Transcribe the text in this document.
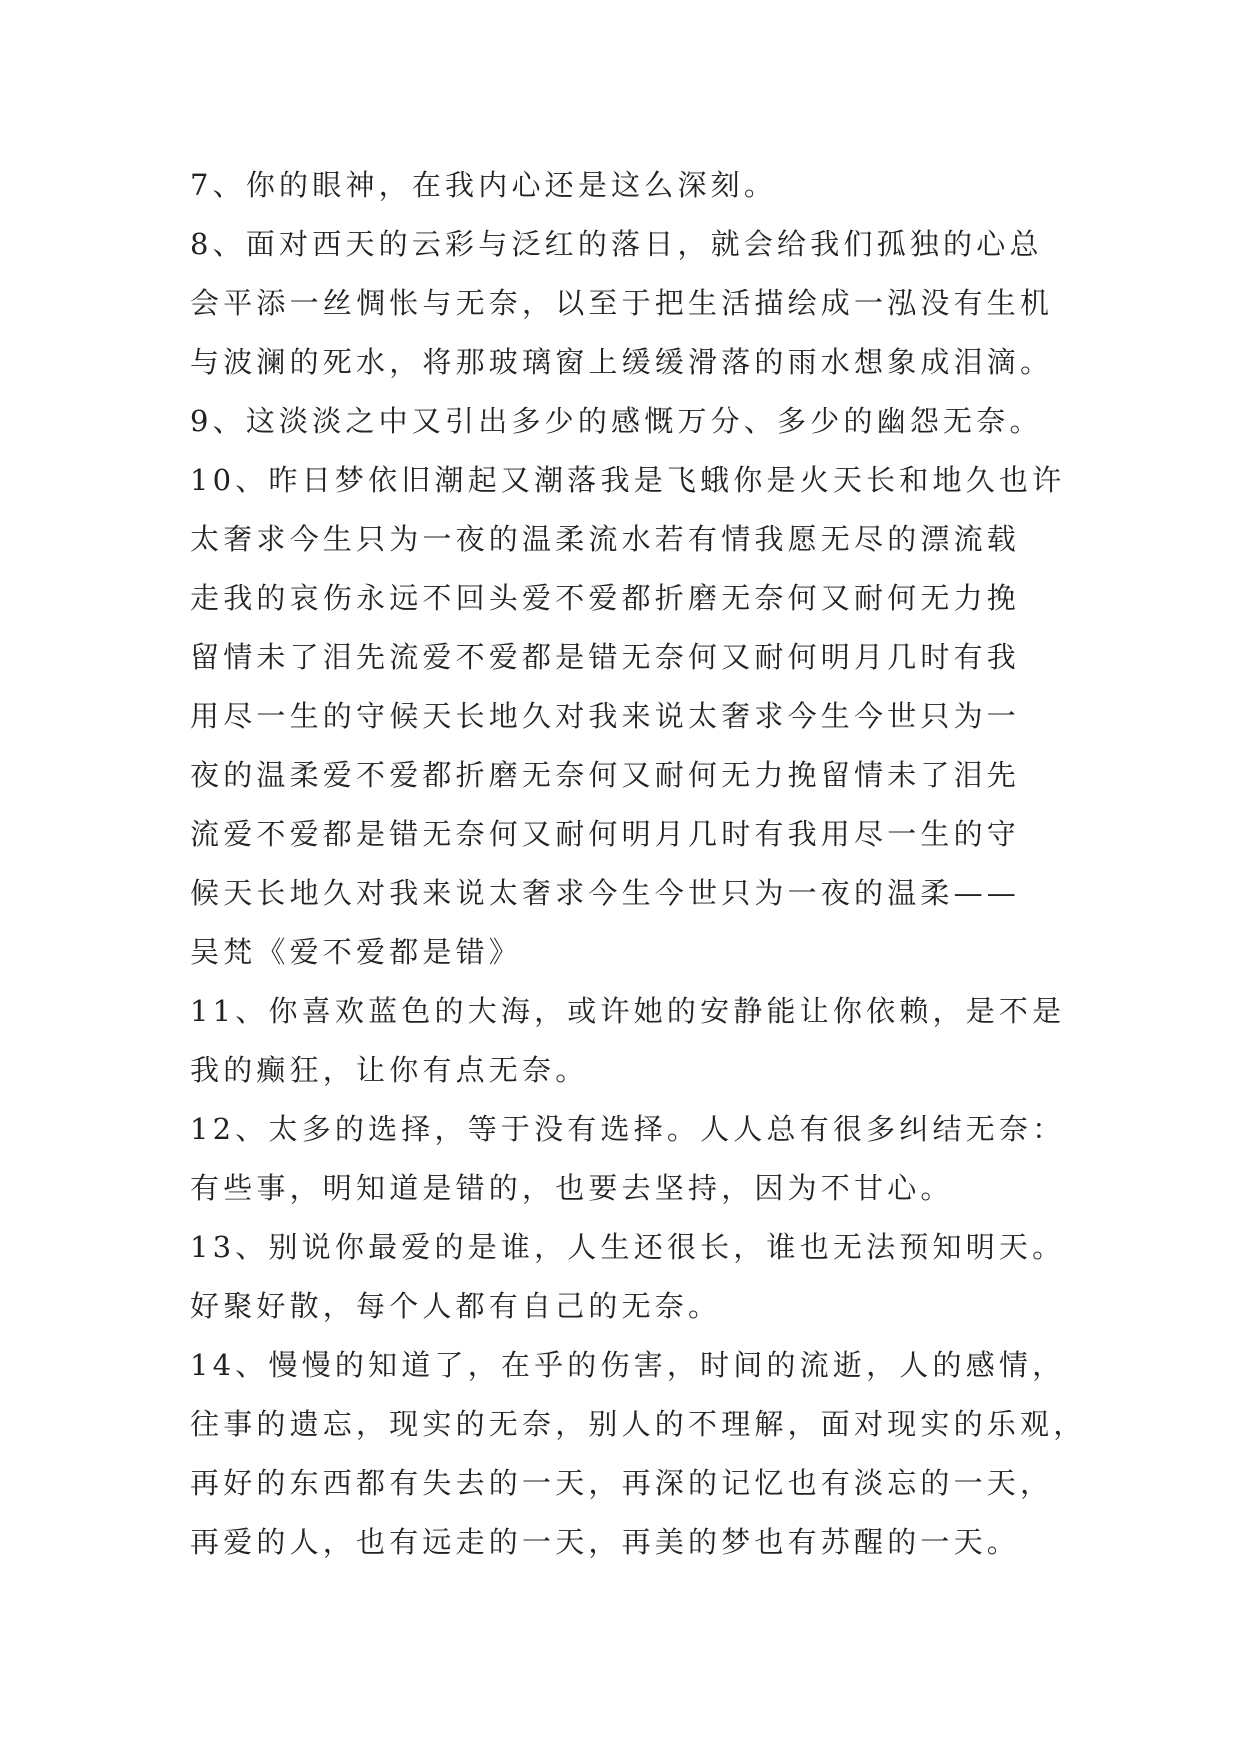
7、你的眼神，在我内心还是这么深刻。
8、面对西天的云彩与泛红的落日，就会给我们孤独的心总
会平添一丝惆怅与无奈，以至于把生活描绘成一泓没有生机
与波澜的死水，将那玻璃窗上缓缓滑落的雨水想象成泪滴。
9、这淡淡之中又引出多少的感慨万分、多少的幽怨无奈。
10、昨日梦依旧潮起又潮落我是飞蛾你是火天长和地久也许
太奢求今生只为一夜的温柔流水若有情我愿无尽的漂流载
走我的哀伤永远不回头爱不爱都折磨无奈何又耐何无力挽
留情未了泪先流爱不爱都是错无奈何又耐何明月几时有我
用尽一生的守候天长地久对我来说太奢求今生今世只为一
夜的温柔爱不爱都折磨无奈何又耐何无力挽留情未了泪先
流爱不爱都是错无奈何又耐何明月几时有我用尽一生的守
候天长地久对我来说太奢求今生今世只为一夜的温柔——
吴梵《爱不爱都是错》
11、你喜欢蓝色的大海，或许她的安静能让你依赖，是不是
我的癫狂，让你有点无奈。
12、太多的选择，等于没有选择。人人总有很多纠结无奈：
有些事，明知道是错的，也要去坚持，因为不甘心。
13、别说你最爱的是谁，人生还很长，谁也无法预知明天。
好聚好散，每个人都有自己的无奈。
14、慢慢的知道了，在乎的伤害，时间的流逝，人的感情，
往事的遗忘，现实的无奈，别人的不理解，面对现实的乐观，
再好的东西都有失去的一天，再深的记忆也有淡忘的一天，
再爱的人，也有远走的一天，再美的梦也有苏醒的一天。
